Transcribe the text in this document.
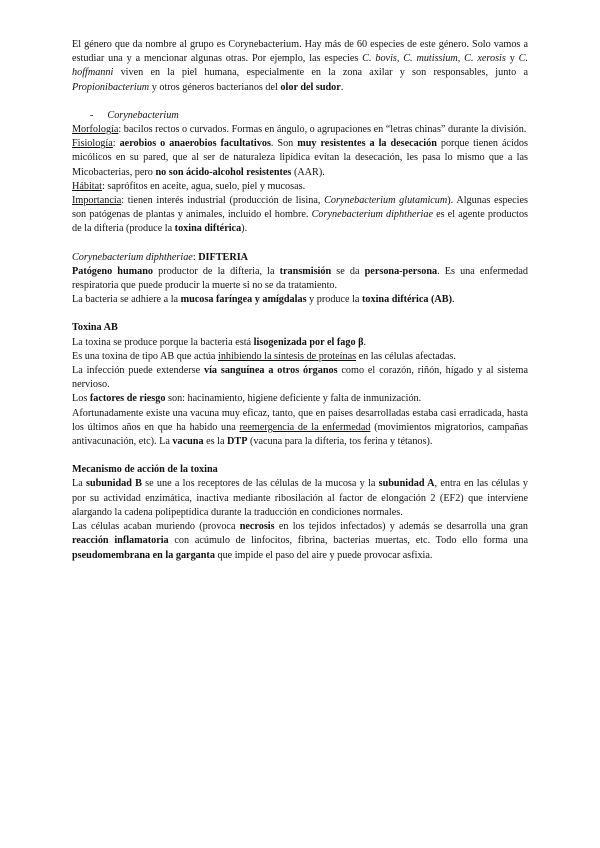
El género que da nombre al grupo es Corynebacterium. Hay más de 60 especies de este género. Solo vamos a estudiar una y a mencionar algunas otras. Por ejemplo, las especies C. bovis, C. mutissium, C. xerosis y C. hoffmanni viven en la piel humana, especialmente en la zona axilar y son responsables, junto a Propionibacterium y otros géneros bacterianos del olor del sudor.

- Corynebacterium

Morfología: bacilos rectos o curvados. Formas en ángulo, o agrupaciones en “letras chinas” durante la división.

Fisiología: aerobios o anaerobios facultativos. Son muy resistentes a la desecación porque tienen ácidos micólicos en su pared, que al ser de naturaleza lipídica evitan la desecación, les pasa lo mismo que a las Micobacterias, pero no son ácido-alcohol resistentes (AAR).

Hábitat: saprófitos en aceite, agua, suelo, piel y mucosas.

Importancia: tienen interés industrial (producción de lisina, Corynebacterium glutamicum). Algunas especies son patógenas de plantas y animales, incluido el hombre. Corynebacterium diphtheriae es el agente productos de la difteria (produce la toxina diftérica).

Corynebacterium diphtheriae: DIFTERIA

Patógeno humano productor de la difteria, la transmisión se da persona-persona. Es una enfermedad respiratoria que puede producir la muerte si no se da tratamiento.

La bacteria se adhiere a la mucosa faríngea y amígdalas y produce la toxina diftérica (AB).

Toxina AB

La toxina se produce porque la bacteria está lisogenizada por el fago β.

Es una toxina de tipo AB que actúa inhibiendo la síntesis de proteínas en las células afectadas.

La infección puede extenderse vía sanguínea a otros órganos como el corazón, riñón, hígado y al sistema nervioso.

Los factores de riesgo son: hacinamiento, higiene deficiente y falta de inmunización.

Afortunadamente existe una vacuna muy eficaz, tanto, que en países desarrolladas estaba casi erradicada, hasta los últimos años en que ha habido una reemergencia de la enfermedad (movimientos migratorios, campañas antivacunación, etc). La vacuna es la DTP (vacuna para la difteria, tos ferina y tétanos).

Mecanismo de acción de la toxina

La subunidad B se une a los receptores de las células de la mucosa y la subunidad A, entra en las células y por su actividad enzimática, inactiva mediante ribosilación al factor de elongación 2 (EF2) que interviene alargando la cadena polipeptídica durante la traducción en condiciones normales.

Las células acaban muriendo (provoca necrosis en los tejidos infectados) y además se desarrolla una gran reacción inflamatoria con acúmulo de linfocitos, fibrina, bacterias muertas, etc. Todo ello forma una pseudomembrana en la garganta que impide el paso del aire y puede provocar asfixia.
